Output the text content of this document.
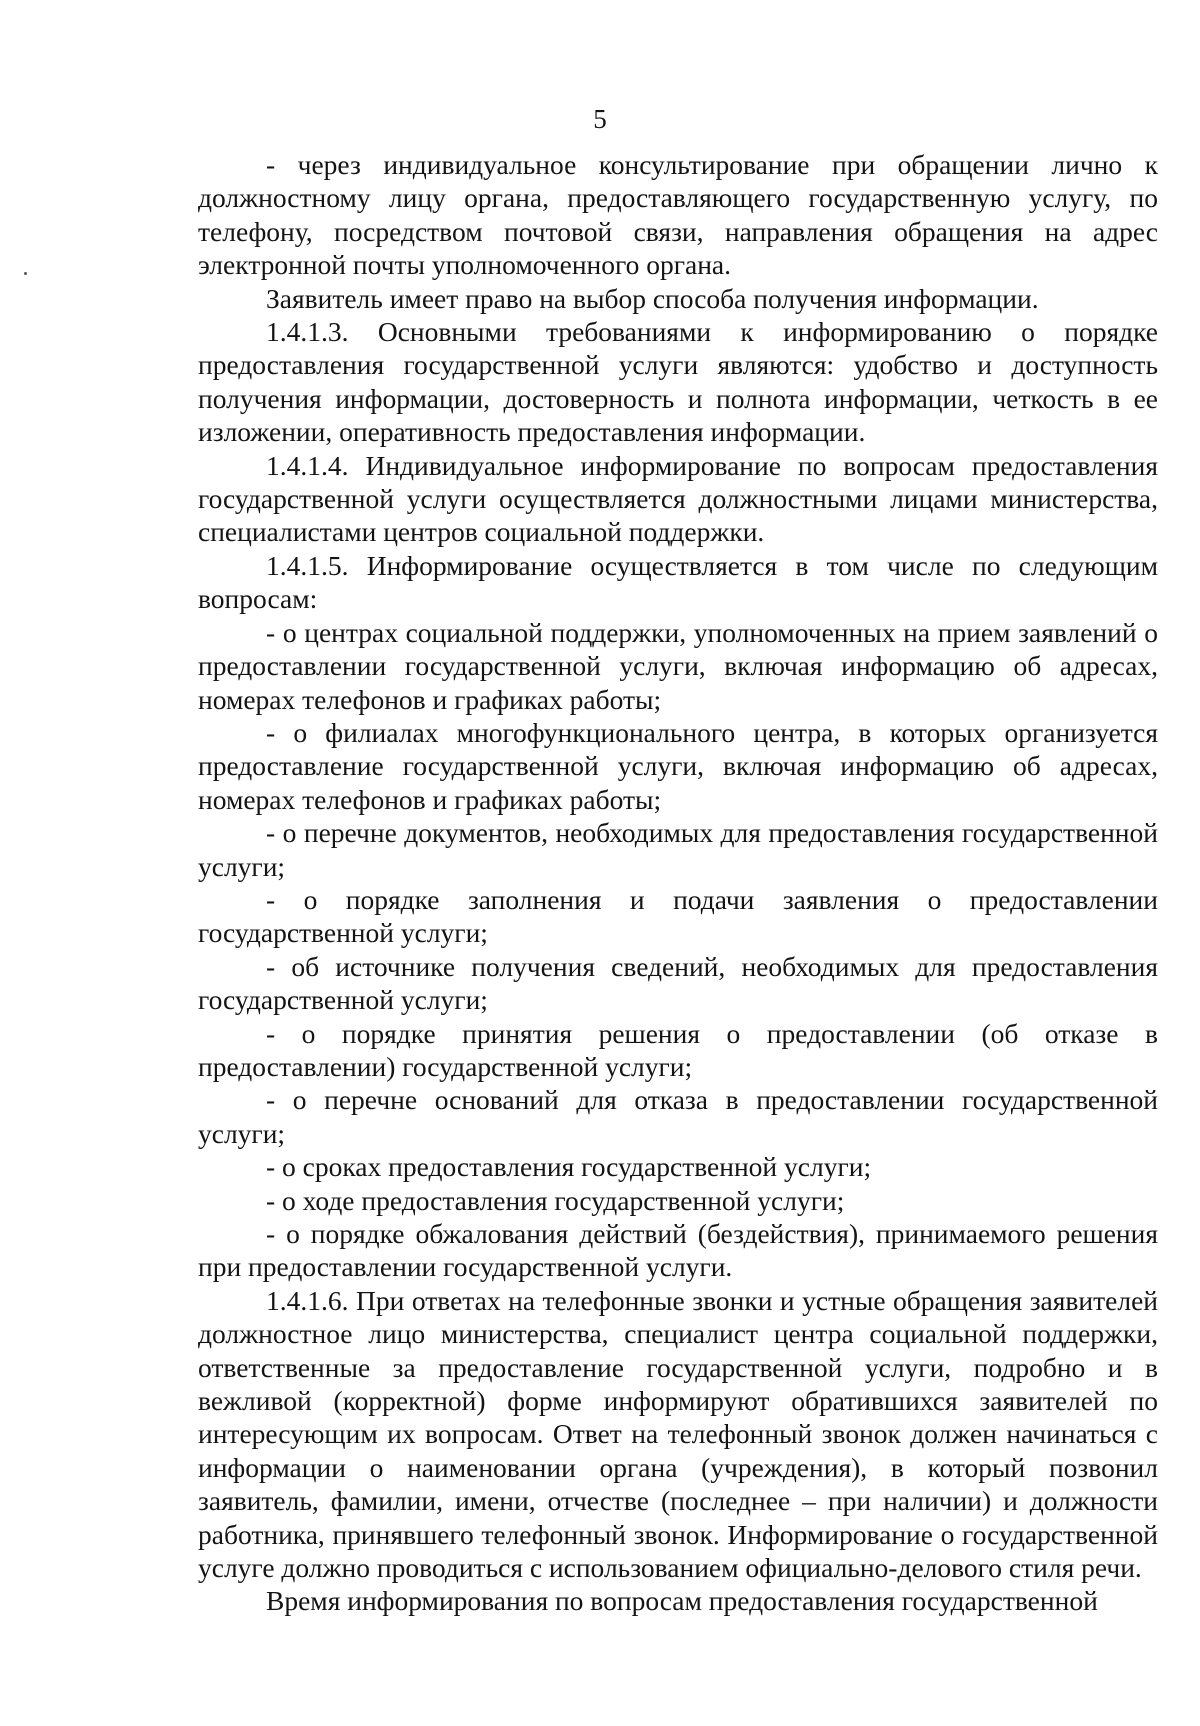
5

- через индивидуальное консультирование при обращении лично к должностному лицу органа, предоставляющего государственную услугу, по телефону, посредством почтовой связи, направления обращения на адрес электронной почты уполномоченного органа.

Заявитель имеет право на выбор способа получения информации.

1.4.1.3. Основными требованиями к информированию о порядке предоставления государственной услуги являются: удобство и доступность получения информации, достоверность и полнота информации, четкость в ее изложении, оперативность предоставления информации.

1.4.1.4. Индивидуальное информирование по вопросам предоставления государственной услуги осуществляется должностными лицами министерства, специалистами центров социальной поддержки.

1.4.1.5. Информирование осуществляется в том числе по следующим вопросам:

- о центрах социальной поддержки, уполномоченных на прием заявлений о предоставлении государственной услуги, включая информацию об адресах, номерах телефонов и графиках работы;

- о филиалах многофункционального центра, в которых организуется предоставление государственной услуги, включая информацию об адресах, номерах телефонов и графиках работы;

- о перечне документов, необходимых для предоставления государственной услуги;

- о порядке заполнения и подачи заявления о предоставлении государственной услуги;

- об источнике получения сведений, необходимых для предоставления государственной услуги;

- о порядке принятия решения о предоставлении (об отказе в предоставлении) государственной услуги;

- о перечне оснований для отказа в предоставлении государственной услуги;

- о сроках предоставления государственной услуги;

- о ходе предоставления государственной услуги;

- о порядке обжалования действий (бездействия), принимаемого решения при предоставлении государственной услуги.

1.4.1.6. При ответах на телефонные звонки и устные обращения заявителей должностное лицо министерства, специалист центра социальной поддержки, ответственные за предоставление государственной услуги, подробно и в вежливой (корректной) форме информируют обратившихся заявителей по интересующим их вопросам. Ответ на телефонный звонок должен начинаться с информации о наименовании органа (учреждения), в который позвонил заявитель, фамилии, имени, отчестве (последнее – при наличии) и должности работника, принявшего телефонный звонок. Информирование о государственной услуге должно проводиться с использованием официально-делового стиля речи.

Время информирования по вопросам предоставления государственной
